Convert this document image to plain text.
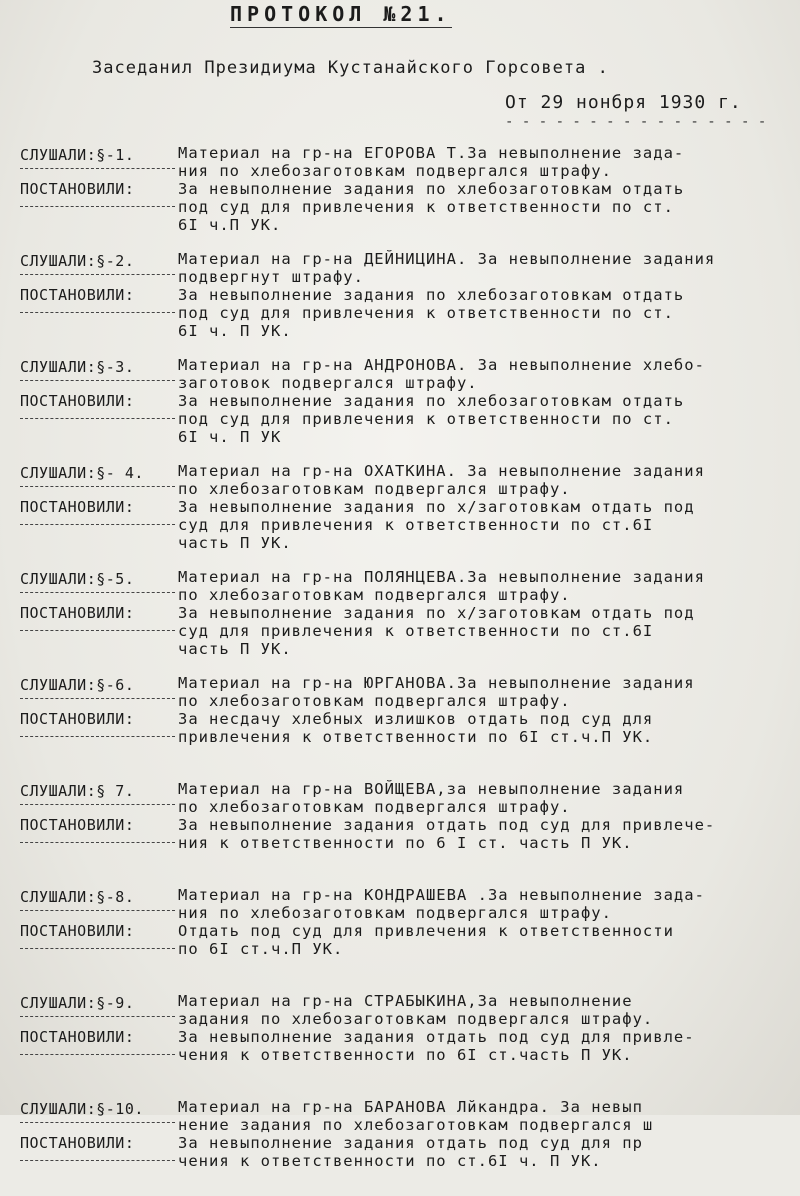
ПРОТОКОЛ №21.
Заседанил Президиума Кустанайского Горсовета .
От 29 нонбря 1930 г.
- - - - - - - - - - - - - - - -
СЛУШАЛИ:§-1.	Материал на гр-на ЕГОРОВА Т.За невыполнение зада-
ния по хлебозаготовкам подвергался штрафу.
ПОСТАНОВИЛИ:	За невыполнение задания по хлебозаготовкам отдать
под суд для привлечения к ответственности по ст.
6I ч.П УК.
СЛУШАЛИ:§-2.	Материал на гр-на ДЕЙНИЦИНА. За невыполнение задания
подвергнут штрафу.
ПОСТАНОВИЛИ:	За невыполнение задания по хлебозаготовкам отдать
под суд для привлечения к ответственности по ст.
6I ч. П УК.
СЛУШАЛИ:§-3.	Материал на гр-на АНДРОНОВА. За невыполнение хлебо-
заготовок подвергался штрафу.
ПОСТАНОВИЛИ:	За невыполнение задания по хлебозаготовкам отдать
под суд для привлечения к ответственности по ст.
6I ч. П УК
СЛУШАЛИ:§- 4.	Материал на гр-на ОХАТКИНА. За невыполнение задания
по хлебозаготовкам подвергался штрафу.
ПОСТАНОВИЛИ:	За невыполнение задания по х/заготовкам отдать под
суд для привлечения к ответственности по ст.6I
часть П УК.
СЛУШАЛИ:§-5.	Материал на гр-на ПОЛЯНЦЕВА.За невыполнение задания
по хлебозаготовкам подвергался штрафу.
ПОСТАНОВИЛИ:	За невыполнение задания по х/заготовкам отдать под
суд для привлечения к ответственности по ст.6I
часть П УК.
СЛУШАЛИ:§-6.	Материал на гр-на ЮРГАНОВА.За невыполнение задания
по хлебозаготовкам подвергался штрафу.
ПОСТАНОВИЛИ:	За несдачу хлебных излишков отдать под суд для
привлечения к ответственности по 6I ст.ч.П УК.
СЛУШАЛИ:§ 7.	Материал на гр-на ВОЙЩЕВА,за невыполнение задания
по хлебозаготовкам подвергался штрафу.
ПОСТАНОВИЛИ:	За невыполнение задания отдать под суд для привлече-
ния к ответственности по 6 I ст. часть П УК.
СЛУШАЛИ:§-8.	Материал на гр-на КОНДРАШЕВА .За невыполнение зада-
ния по хлебозаготовкам подвергался штрафу.
ПОСТАНОВИЛИ:	Отдать под суд для привлечения к ответственности
по 6I ст.ч.П УК.
СЛУШАЛИ:§-9.	Материал на гр-на СТРАБЫКИНА,За невыполнение
задания по хлебозаготовкам подвергался штрафу.
ПОСТАНОВИЛИ:	За невыполнение задания отдать под суд для привле-
чения к ответственности по 6I ст.часть П УК.
СЛУШАЛИ:§-10.	Материал на гр-на БАРАНОВА Лйкандра. За невып
нение задания по хлебозаготовкам подвергался ш
ПОСТАНОВИЛИ:	За невыполнение задания отдать под суд для пр
чения к ответственности по ст.6I ч. П УК.
